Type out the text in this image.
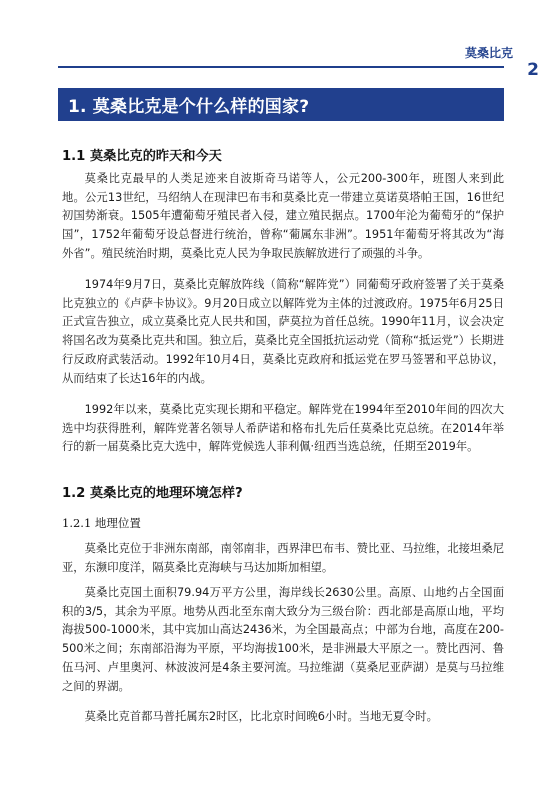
莫桑比克
2
1. 莫桑比克是个什么样的国家?
1.1 莫桑比克的昨天和今天

莫桑比克最早的人类足迹来自波斯奇马诺等人，公元200-300年，班图人来到此地。公元13世纪，马绍纳人在现津巴布韦和莫桑比克一带建立莫诺莫塔帕王国，16世纪初国势渐衰。1505年遭葡萄牙殖民者入侵，建立殖民据点。1700年沦为葡萄牙的“保护国”，1752年葡萄牙设总督进行统治，曾称“葡属东非洲”。1951年葡萄牙将其改为“海外省”。殖民统治时期，莫桑比克人民为争取民族解放进行了顽强的斗争。

1974年9月7日，莫桑比克解放阵线（简称“解阵党”）同葡萄牙政府签署了关于莫桑比克独立的《卢萨卡协议》。9月20日成立以解阵党为主体的过渡政府。1975年6月25日正式宣告独立，成立莫桑比克人民共和国，萨莫拉为首任总统。1990年11月，议会决定将国名改为莫桑比克共和国。独立后，莫桑比克全国抵抗运动党（简称“抵运党”）长期进行反政府武装活动。1992年10月4日，莫桑比克政府和抵运党在罗马签署和平总协议，从而结束了长达16年的内战。

1992年以来，莫桑比克实现长期和平稳定。解阵党在1994年至2010年间的四次大选中均获得胜利，解阵党著名领导人希萨诺和格布扎先后任莫桑比克总统。在2014年举行的新一届莫桑比克大选中，解阵党候选人菲利佩·纽西当选总统，任期至2019年。

1.2 莫桑比克的地理环境怎样?
1.2.1 地理位置

莫桑比克位于非洲东南部，南邻南非，西界津巴布韦、赞比亚、马拉维，北接坦桑尼亚，东濒印度洋，隔莫桑比克海峡与马达加斯加相望。

莫桑比克国土面积79.94万平方公里，海岸线长2630公里。高原、山地约占全国面积的3/5，其余为平原。地势从西北至东南大致分为三级台阶：西北部是高原山地，平均海拔500-1000米，其中宾加山高达2436米，为全国最高点；中部为台地，高度在200-500米之间；东南部沿海为平原，平均海拔100米，是非洲最大平原之一。赞比西河、鲁伍马河、卢里奥河、林波波河是4条主要河流。马拉维湖（莫桑尼亚萨湖）是莫与马拉维之间的界湖。

莫桑比克首都马普托属东2时区，比北京时间晚6小时。当地无夏令时。
